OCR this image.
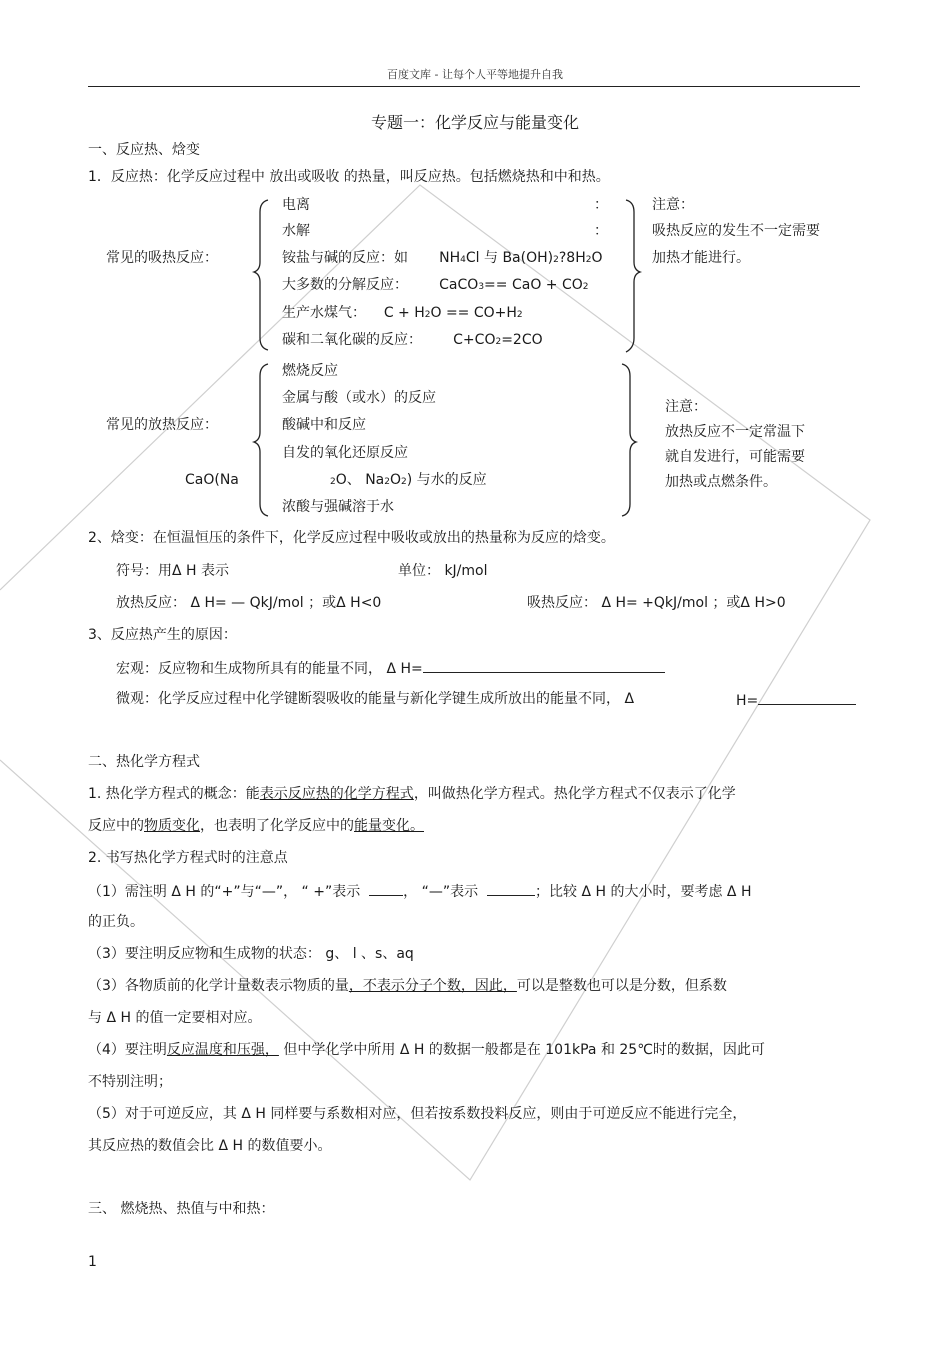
百度文库 - 让每个人平等地提升自我
专题一：化学反应与能量变化
一、反应热、焓变
1．反应热：化学反应过程中 放出或吸收 的热量，叫反应热。包括燃烧热和中和热。
常见的吸热反应：
电离	：
水解	：
铵盐与碱的反应：如 NH4Cl 与 Ba(OH)2?8H2O
大多数的分解反应： CaCO3== CaO + CO2
生产水煤气： C + H2O == CO+H2
碳和二氧化碳的反应： C+CO2=2CO
注意：
吸热反应的发生不一定需要
加热才能进行。
常见的放热反应：
燃烧反应
金属与酸（或水）的反应
酸碱中和反应
自发的氧化还原反应
CaO(Na	2O、 Na2O2) 与水的反应
浓酸与强碱溶于水
注意：
放热反应不一定常温下
就自发进行，可能需要
加热或点燃条件。
2、焓变：在恒温恒压的条件下，化学反应过程中吸收或放出的热量称为反应的焓变。
符号：用Δ H 表示	单位： kJ/mol
放热反应： Δ H= — QkJ/mol ；或Δ H<0	吸热反应： Δ H= +QkJ/mol ；或Δ H>0
3、反应热产生的原因：
宏观：反应物和生成物所具有的能量不同， Δ H=
微观：化学反应过程中化学键断裂吸收的能量与新化学键生成所放出的能量不同， Δ	H=
二、热化学方程式
1. 热化学方程式的概念：能表示反应热的化学方程式，叫做热化学方程式。热化学方程式不仅表示了化学
反应中的物质变化，也表明了化学反应中的能量变化。
2. 书写热化学方程式时的注意点
（1）需注明 Δ H 的“+”与“—”， “ +”表示	， “—”表示	；比较 Δ H 的大小时，要考虑 Δ H
的正负。
（3）要注明反应物和生成物的状态： g、 l 、s、aq
（3）各物质前的化学计量数表示物质的量，不表示分子个数，因此，可以是整数也可以是分数，但系数
与 Δ H 的值一定要相对应。
（4）要注明反应温度和压强， 但中学化学中所用 Δ H 的数据一般都是在 101kPa 和 25℃时的数据，因此可
不特别注明；
（5）对于可逆反应，其 Δ H 同样要与系数相对应，但若按系数投料反应，则由于可逆反应不能进行完全，
其反应热的数值会比 Δ H 的数值要小。
三、 燃烧热、热值与中和热：
1
